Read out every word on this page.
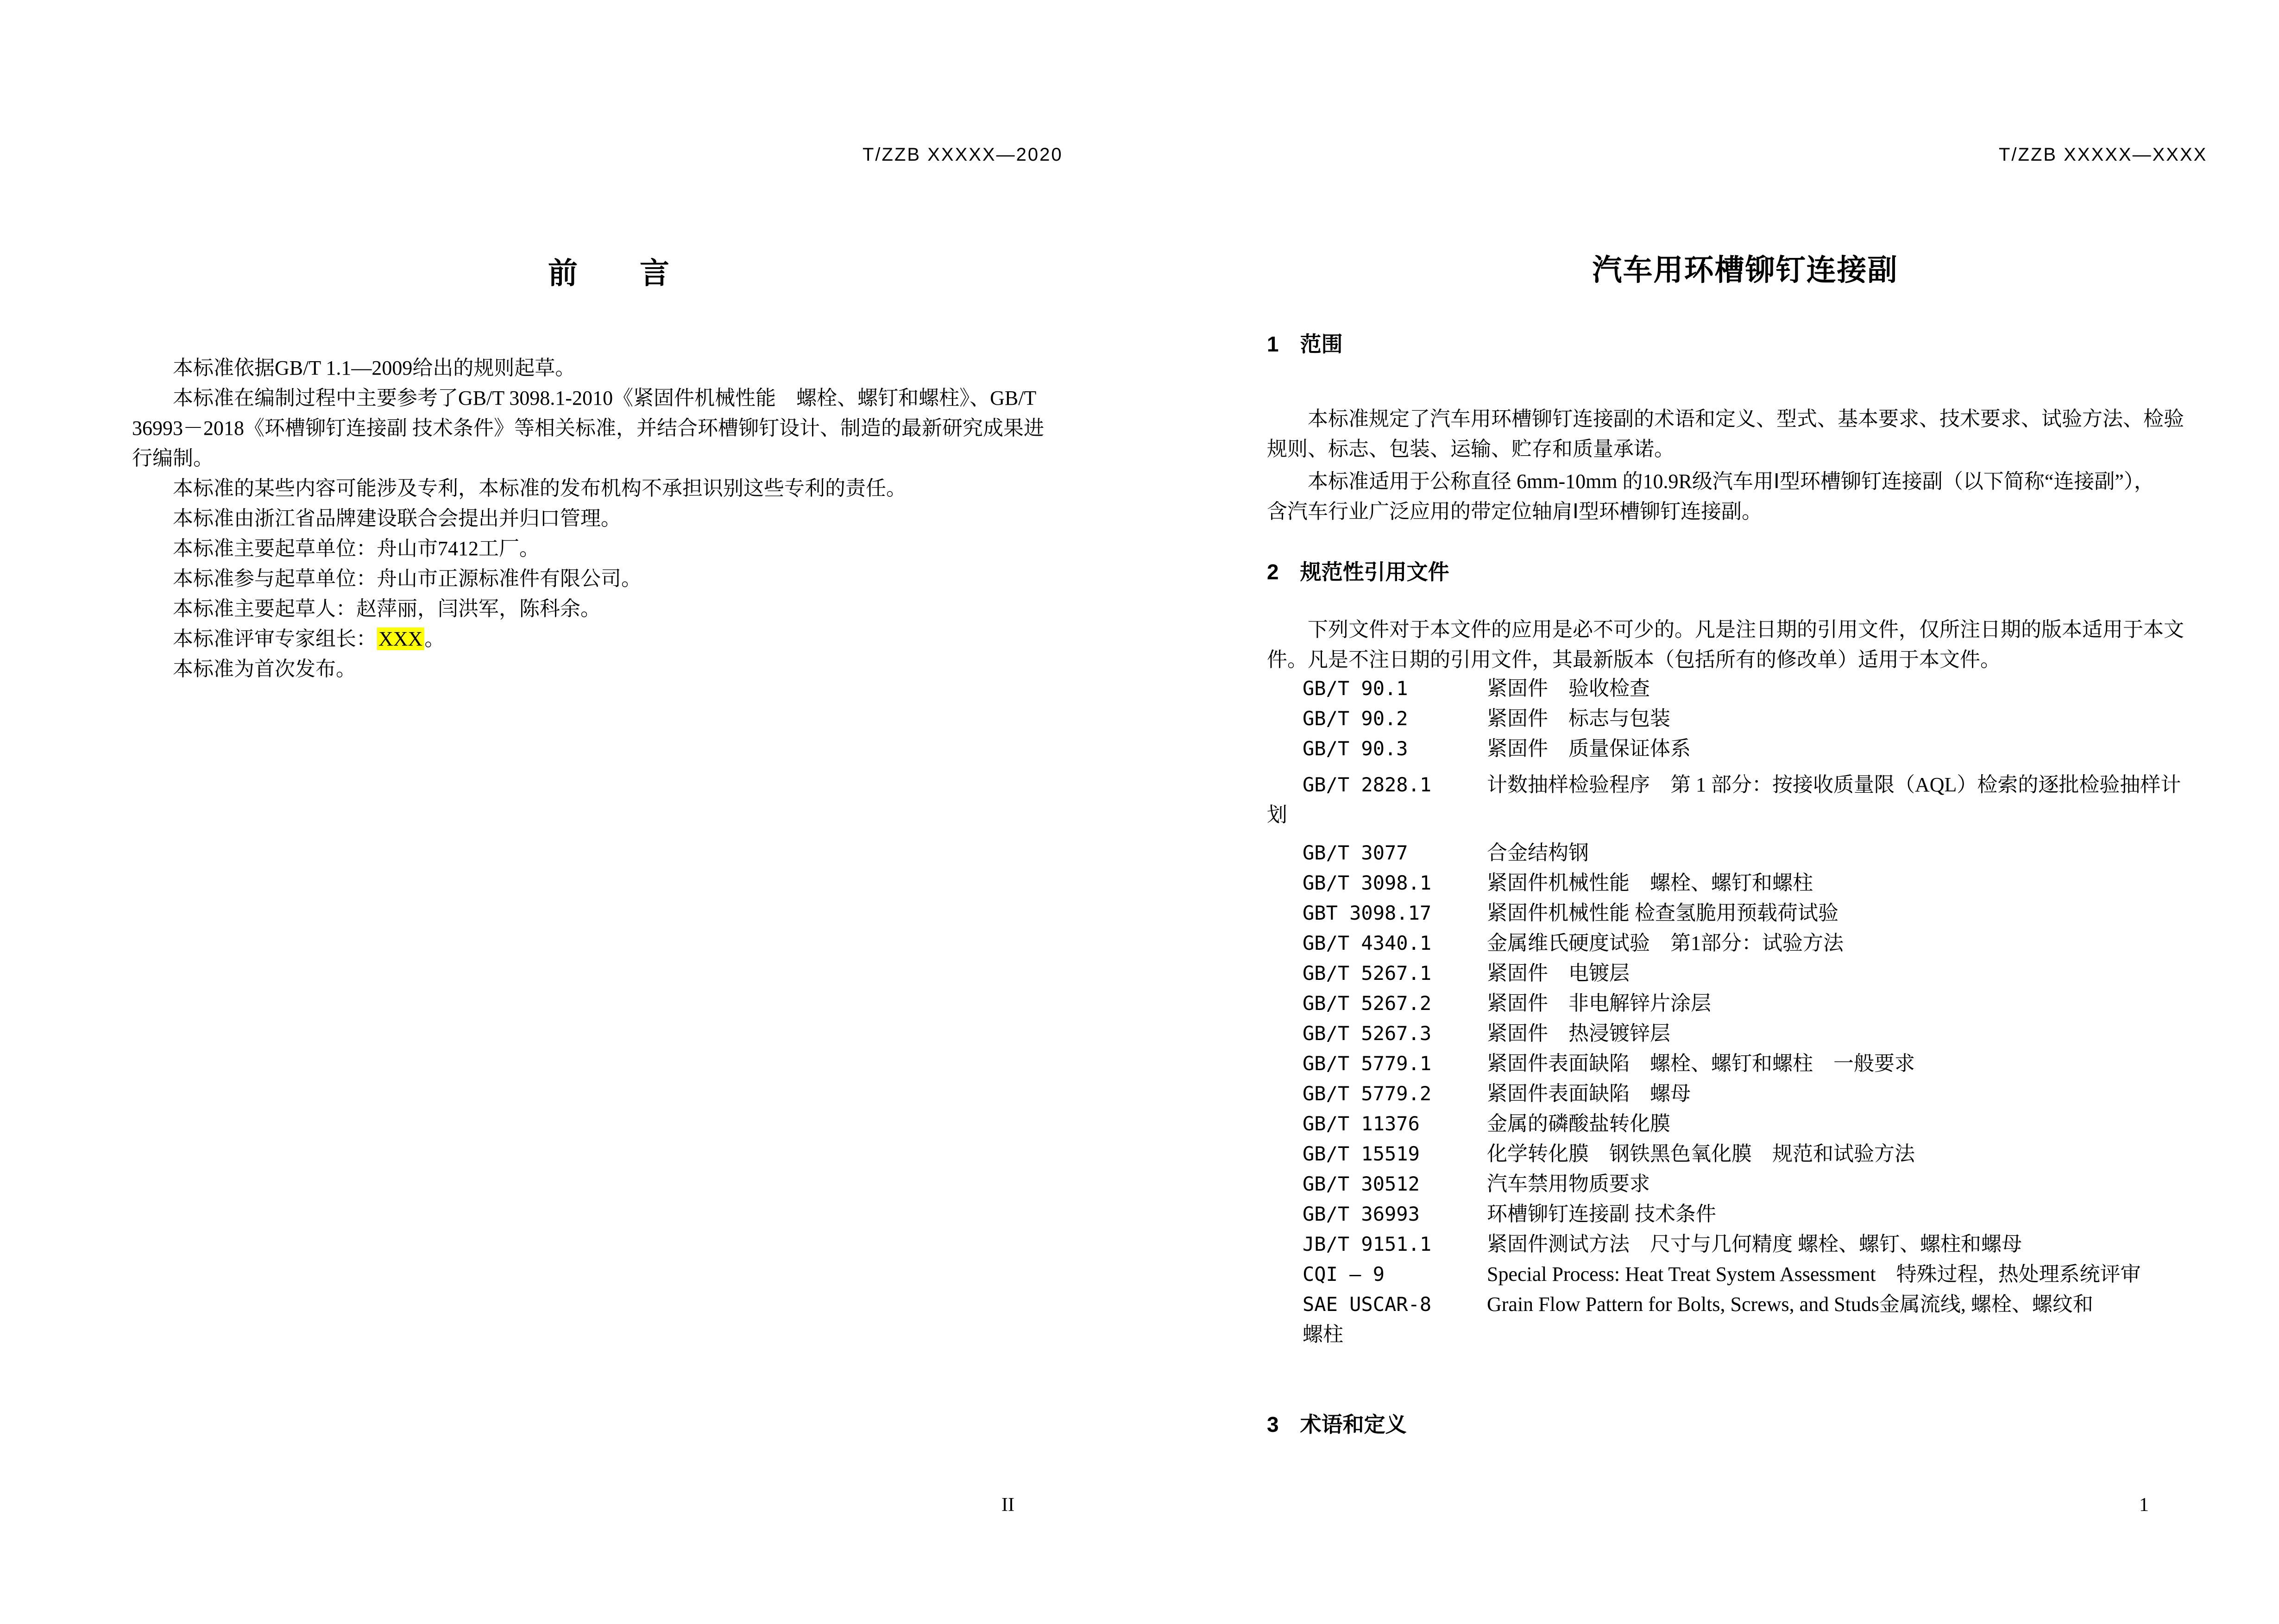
T/ZZB XXXXX—2020
前　　言
本标准依据GB/T 1.1—2009给出的规则起草。
本标准在编制过程中主要参考了GB/T 3098.1-2010《紧固件机械性能　螺栓、螺钉和螺柱》、GB/T
36993－2018《环槽铆钉连接副 技术条件》等相关标准，并结合环槽铆钉设计、制造的最新研究成果进
行编制。
本标准的某些内容可能涉及专利，本标准的发布机构不承担识别这些专利的责任。
本标准由浙江省品牌建设联合会提出并归口管理。
本标准主要起草单位：舟山市7412工厂。
本标准参与起草单位：舟山市正源标准件有限公司。
本标准主要起草人：赵萍丽，闫洪军，陈科余。
本标准评审专家组长：XXX。
本标准为首次发布。
II
T/ZZB XXXXX—XXXX
汽车用环槽铆钉连接副
1 范围
本标准规定了汽车用环槽铆钉连接副的术语和定义、型式、基本要求、技术要求、试验方法、检验
规则、标志、包装、运输、贮存和质量承诺。
本标准适用于公称直径 6mm-10mm 的10.9R级汽车用Ⅰ型环槽铆钉连接副（以下简称“连接副”），
含汽车行业广泛应用的带定位轴肩Ⅰ型环槽铆钉连接副。
2 规范性引用文件
下列文件对于本文件的应用是必不可少的。凡是注日期的引用文件，仅所注日期的版本适用于本文
件。凡是不注日期的引用文件，其最新版本（包括所有的修改单）适用于本文件。
GB/T 90.1	紧固件　验收检查
GB/T 90.2	紧固件　标志与包装
GB/T 90.3	紧固件　质量保证体系
GB/T 2828.1	计数抽样检验程序　第 1 部分：按接收质量限（AQL）检索的逐批检验抽样计
划
GB/T 3077	合金结构钢
GB/T 3098.1	紧固件机械性能　螺栓、螺钉和螺柱
GBT 3098.17	紧固件机械性能 检查氢脆用预载荷试验
GB/T 4340.1	金属维氏硬度试验　第1部分：试验方法
GB/T 5267.1	紧固件　电镀层
GB/T 5267.2	紧固件　非电解锌片涂层
GB/T 5267.3	紧固件　热浸镀锌层
GB/T 5779.1	紧固件表面缺陷　螺栓、螺钉和螺柱　一般要求
GB/T 5779.2	紧固件表面缺陷　螺母
GB/T 11376	金属的磷酸盐转化膜
GB/T 15519	化学转化膜　钢铁黑色氧化膜　规范和试验方法
GB/T 30512	汽车禁用物质要求
GB/T 36993	环槽铆钉连接副 技术条件
JB/T 9151.1	紧固件测试方法　尺寸与几何精度 螺栓、螺钉、螺柱和螺母
CQI – 9	Special Process: Heat Treat System Assessment　特殊过程，热处理系统评审
SAE USCAR-8	Grain Flow Pattern for Bolts, Screws, and Studs金属流线, 螺栓、螺纹和
螺柱
3 术语和定义
1
